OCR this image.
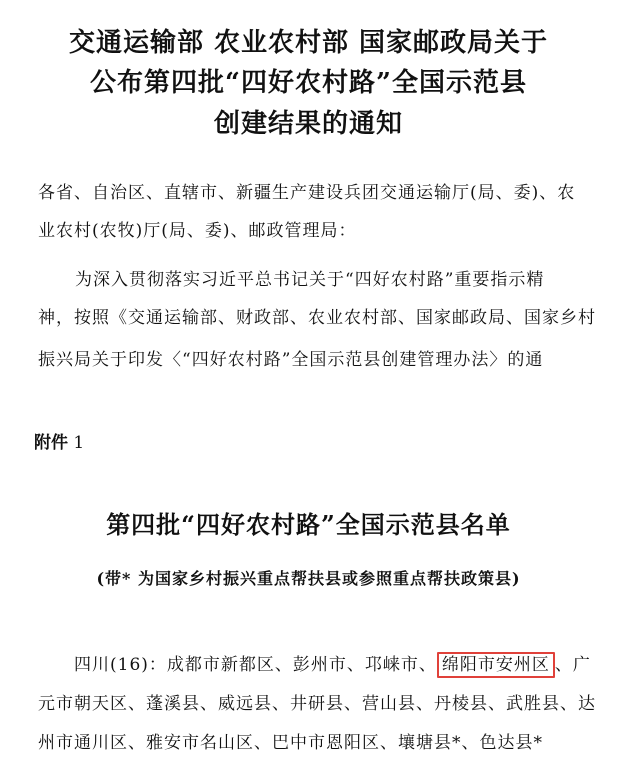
交通运输部 农业农村部 国家邮政局关于
公布第四批“四好农村路”全国示范县
创建结果的通知
各省、自治区、直辖市、新疆生产建设兵团交通运输厅(局、委)、农
业农村(农牧)厅(局、委)、邮政管理局：
为深入贯彻落实习近平总书记关于“四好农村路”重要指示精
神，按照《交通运输部、财政部、农业农村部、国家邮政局、国家乡村
振兴局关于印发〈“四好农村路”全国示范县创建管理办法〉的通
附件 1
第四批“四好农村路”全国示范县名单
(带* 为国家乡村振兴重点帮扶县或参照重点帮扶政策县)
四川(16)：成都市新都区、彭州市、邛崃市、 绵阳市安州区 、广
元市朝天区、蓬溪县、威远县、井研县、营山县、丹棱县、武胜县、达
州市通川区、雅安市名山区、巴中市恩阳区、壤塘县*、色达县*
